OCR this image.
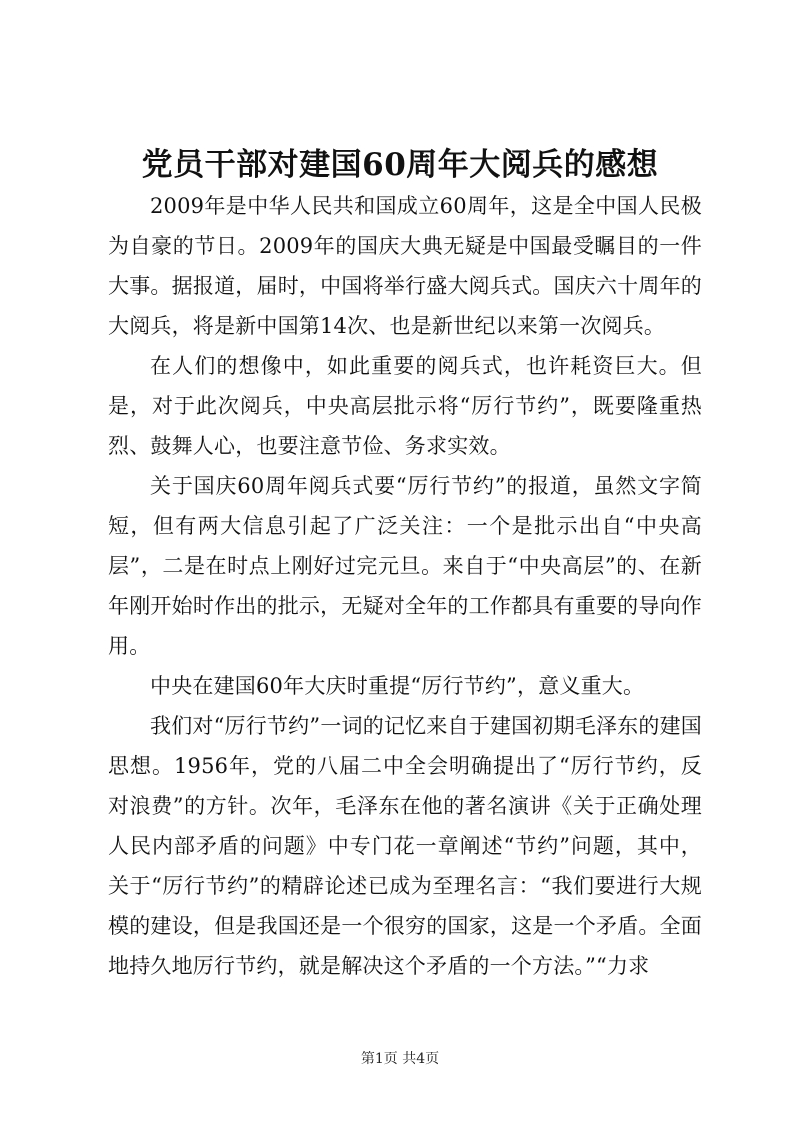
党员干部对建国60周年大阅兵的感想

2009年是中华人民共和国成立60周年，这是全中国人民极为自豪的节日。2009年的国庆大典无疑是中国最受瞩目的一件大事。据报道，届时，中国将举行盛大阅兵式。国庆六十周年的大阅兵，将是新中国第14次、也是新世纪以来第一次阅兵。

在人们的想像中，如此重要的阅兵式，也许耗资巨大。但是，对于此次阅兵，中央高层批示将“厉行节约”，既要隆重热烈、鼓舞人心，也要注意节俭、务求实效。

关于国庆60周年阅兵式要“厉行节约”的报道，虽然文字简短，但有两大信息引起了广泛关注：一个是批示出自“中央高层”，二是在时点上刚好过完元旦。来自于“中央高层”的、在新年刚开始时作出的批示，无疑对全年的工作都具有重要的导向作用。

中央在建国60年大庆时重提“厉行节约”，意义重大。

我们对“厉行节约”一词的记忆来自于建国初期毛泽东的建国思想。1956年，党的八届二中全会明确提出了“厉行节约，反对浪费”的方针。次年，毛泽东在他的著名演讲《关于正确处理人民内部矛盾的问题》中专门花一章阐述“节约”问题，其中，关于“厉行节约”的精辟论述已成为至理名言：“我们要进行大规模的建设，但是我国还是一个很穷的国家，这是一个矛盾。全面地持久地厉行节约，就是解决这个矛盾的一个方法。”“力求

第1页 共4页
